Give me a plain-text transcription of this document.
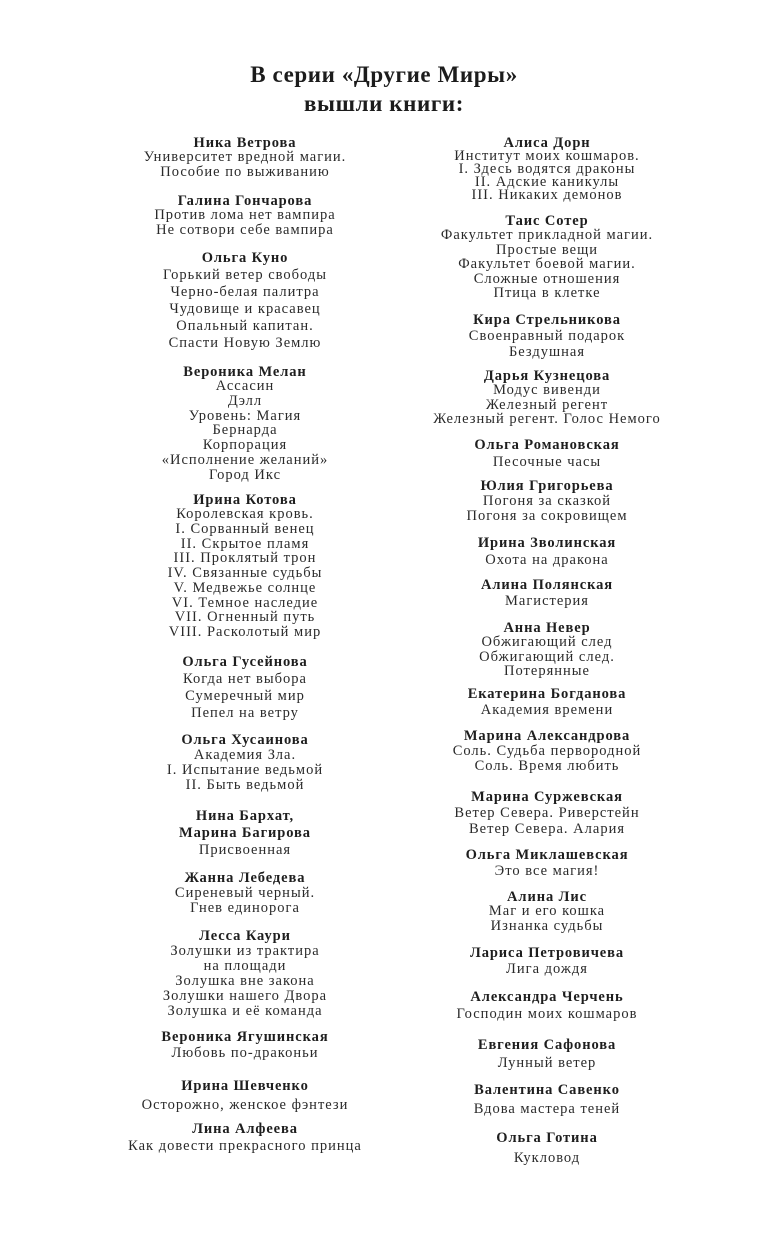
В серии «Другие Миры»
вышли книги:
Ника Ветрова
Университет вредной магии.
Пособие по выживанию
Галина Гончарова
Против лома нет вампира
Не сотвори себе вампира
Ольга Куно
Горький ветер свободы
Черно-белая палитра
Чудовище и красавец
Опальный капитан.
Спасти Новую Землю
Вероника Мелан
Ассасин
Дэлл
Уровень: Магия
Бернарда
Корпорация
«Исполнение желаний»
Город Икс
Ирина Котова
Королевская кровь.
I. Сорванный венец
II. Скрытое пламя
III. Проклятый трон
IV. Связанные судьбы
V. Медвежье солнце
VI. Темное наследие
VII. Огненный путь
VIII. Расколотый мир
Ольга Гусейнова
Когда нет выбора
Сумеречный мир
Пепел на ветру
Ольга Хусаинова
Академия Зла.
I. Испытание ведьмой
II. Быть ведьмой
Нина Бархат,
Марина Багирова
Присвоенная
Жанна Лебедева
Сиреневый черный.
Гнев единорога
Лесса Каури
Золушки из трактира
на площади
Золушка вне закона
Золушки нашего Двора
Золушка и её команда
Вероника Ягушинская
Любовь по-драконьи
Ирина Шевченко
Осторожно, женское фэнтези
Лина Алфеева
Как довести прекрасного принца
Алиса Дорн
Институт моих кошмаров.
I. Здесь водятся драконы
II. Адские каникулы
III. Никаких демонов
Таис Сотер
Факультет прикладной магии.
Простые вещи
Факультет боевой магии.
Сложные отношения
Птица в клетке
Кира Стрельникова
Своенравный подарок
Бездушная
Дарья Кузнецова
Модус вивенди
Железный регент
Железный регент. Голос Немого
Ольга Романовская
Песочные часы
Юлия Григорьева
Погоня за сказкой
Погоня за сокровищем
Ирина Зволинская
Охота на дракона
Алина Полянская
Магистерия
Анна Невер
Обжигающий след
Обжигающий след.
Потерянные
Екатерина Богданова
Академия времени
Марина Александрова
Соль. Судьба первородной
Соль. Время любить
Марина Суржевская
Ветер Севера. Риверстейн
Ветер Севера. Алария
Ольга Миклашевская
Это все магия!
Алина Лис
Маг и его кошка
Изнанка судьбы
Лариса Петровичева
Лига дождя
Александра Черчень
Господин моих кошмаров
Евгения Сафонова
Лунный ветер
Валентина Савенко
Вдова мастера теней
Ольга Готина
Кукловод
